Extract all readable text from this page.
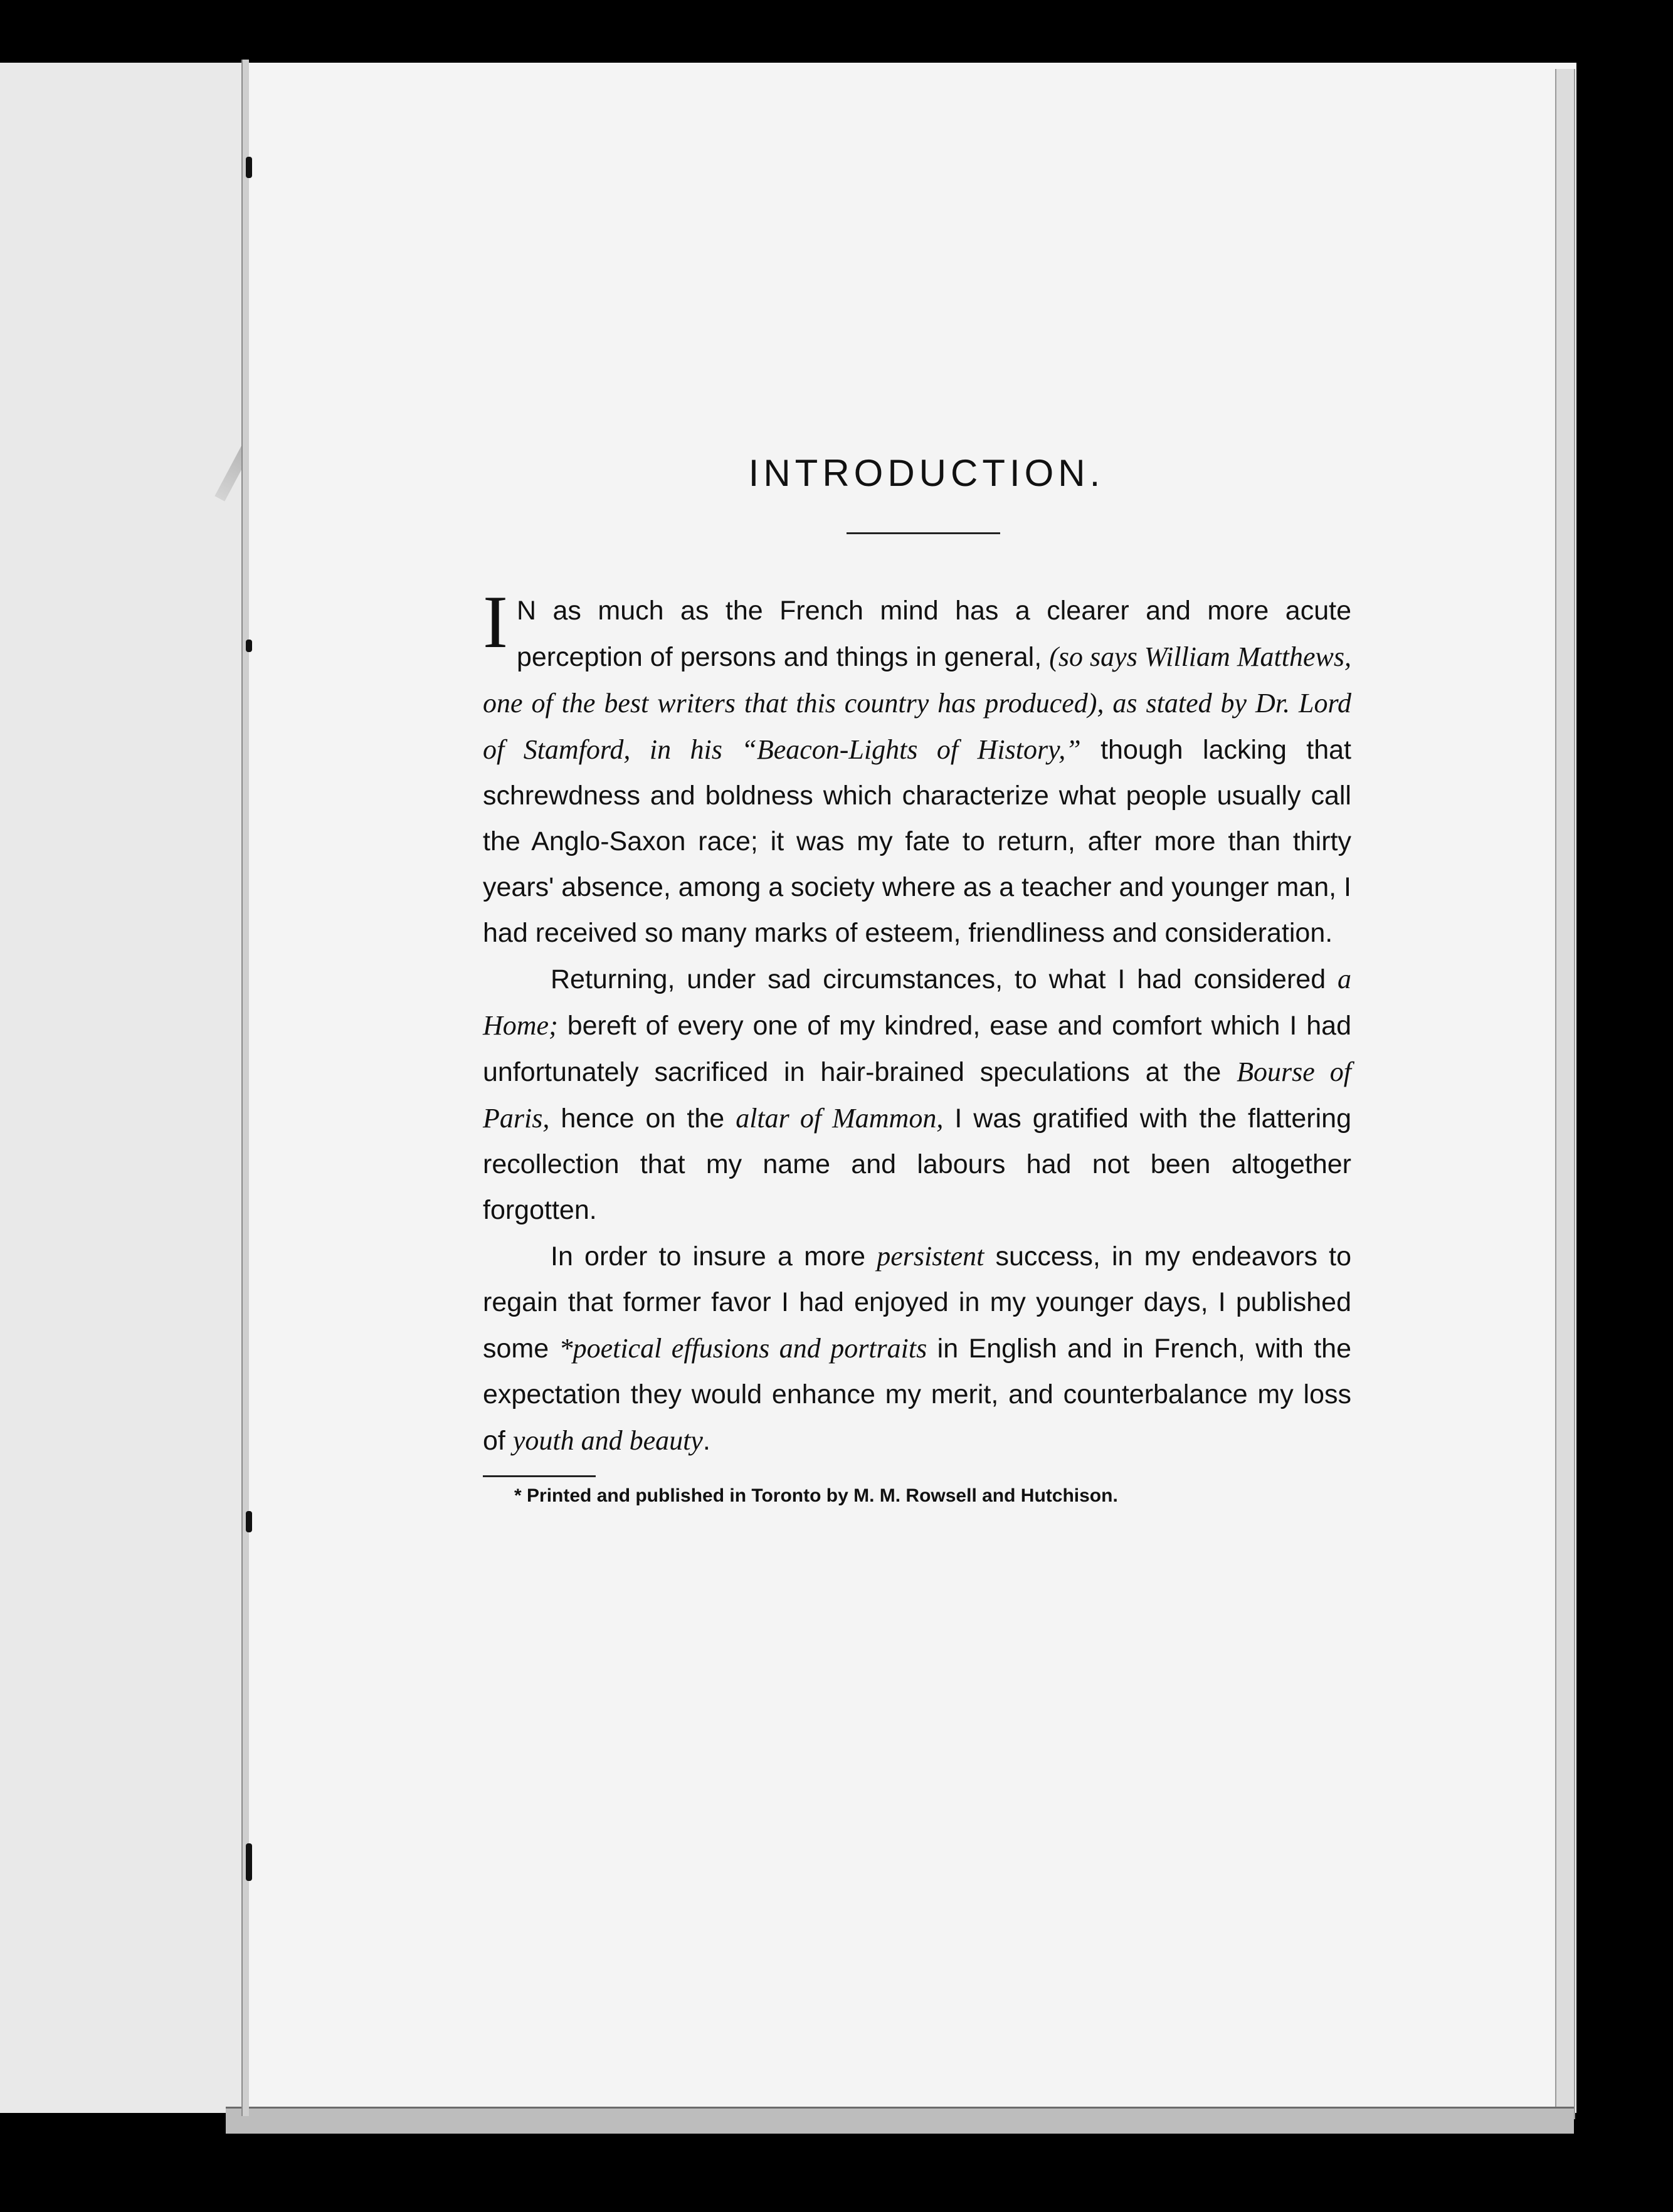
INTRODUCTION.

I N as much as the French mind has a clearer and more acute perception of persons and things in general, (so says William Matthews, one of the best writers that this country has produced), as stated by Dr. Lord of Stamford, in his “Beacon-Lights of History,” though lacking that schrewdness and boldness which characterize what people usually call the Anglo-Saxon race; it was my fate to return, after more than thirty years' absence, among a society where as a teacher and younger man, I had received so many marks of esteem, friendliness and consideration.

Returning, under sad circumstances, to what I had considered a Home; bereft of every one of my kindred, ease and comfort which I had unfortunately sacrificed in hair-brained speculations at the Bourse of Paris, hence on the altar of Mammon, I was gratified with the flattering recollection that my name and labours had not been altogether forgotten.

In order to insure a more persistent success, in my endeavors to regain that former favor I had enjoyed in my younger days, I published some *poetical effusions and portraits in English and in French, with the expectation they would enhance my merit, and counterbalance my loss of youth and beauty.

* Printed and published in Toronto by M. M. Rowsell and Hutchison.
